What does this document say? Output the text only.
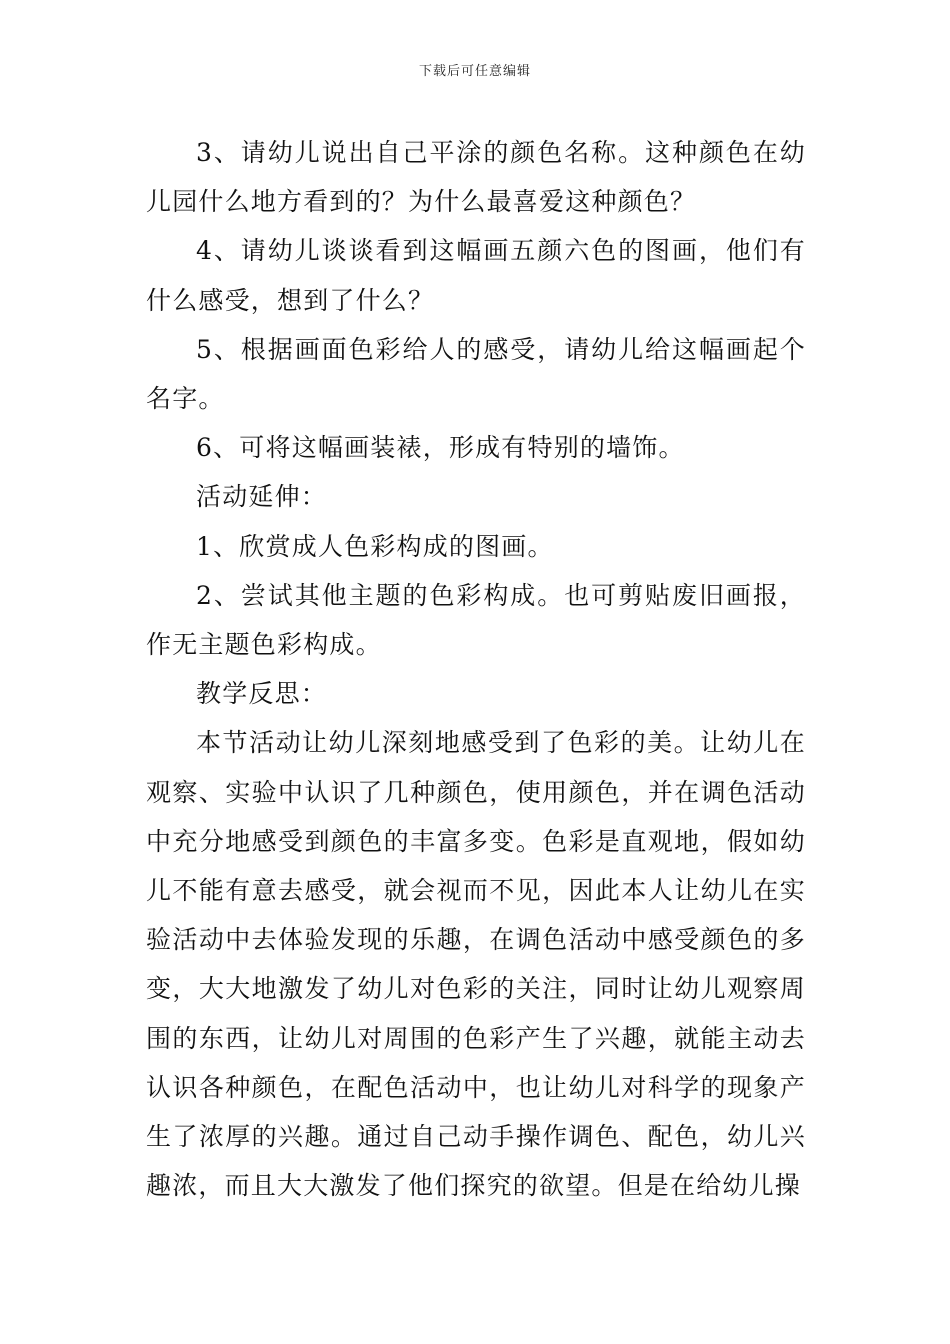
下载后可任意编辑

3、请幼儿说出自己平涂的颜色名称。这种颜色在幼儿园什么地方看到的？为什么最喜爱这种颜色？

4、请幼儿谈谈看到这幅画五颜六色的图画，他们有什么感受，想到了什么？

5、根据画面色彩给人的感受，请幼儿给这幅画起个名字。

6、可将这幅画装裱，形成有特别的墙饰。

活动延伸：

1、欣赏成人色彩构成的图画。

2、尝试其他主题的色彩构成。也可剪贴废旧画报，作无主题色彩构成。

教学反思：

本节活动让幼儿深刻地感受到了色彩的美。让幼儿在观察、实验中认识了几种颜色，使用颜色，并在调色活动中充分地感受到颜色的丰富多变。色彩是直观地，假如幼儿不能有意去感受，就会视而不见，因此本人让幼儿在实验活动中去体验发现的乐趣，在调色活动中感受颜色的多变，大大地激发了幼儿对色彩的关注，同时让幼儿观察周围的东西，让幼儿对周围的色彩产生了兴趣，就能主动去认识各种颜色，在配色活动中，也让幼儿对科学的现象产生了浓厚的兴趣。通过自己动手操作调色、配色，幼儿兴趣浓，而且大大激发了他们探究的欲望。但是在给幼儿操
